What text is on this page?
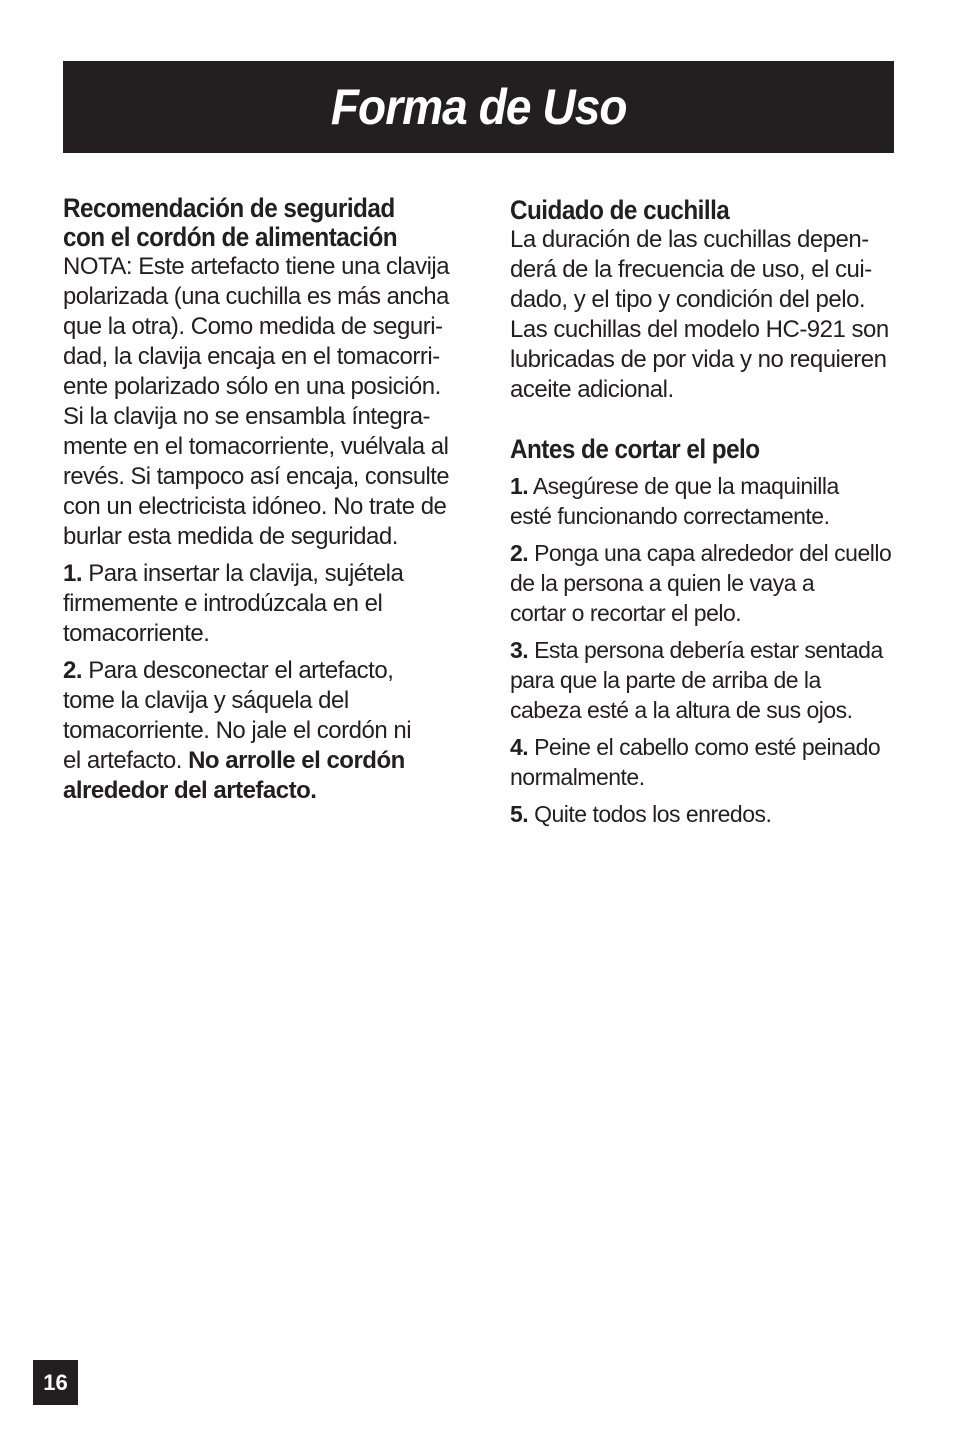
Forma de Uso
Recomendación de seguridad
con el cordón de alimentación

NOTA: Este artefacto tiene una clavija
polarizada (una cuchilla es más ancha
que la otra). Como medida de seguri-
dad, la clavija encaja en el tomacorri-
ente polarizado sólo en una posición.
Si la clavija no se ensambla íntegra-
mente en el tomacorriente, vuélvala al
revés. Si tampoco así encaja, consulte
con un electricista idóneo. No trate de
burlar esta medida de seguridad.

1. Para insertar la clavija, sujétela
firmemente e introdúzcala en el
tomacorriente.
2. Para desconectar el artefacto,
tome la clavija y sáquela del
tomacorriente. No jale el cordón ni
el artefacto. No arrolle el cordón
alrededor del artefacto.
Cuidado de cuchilla

La duración de las cuchillas depen-
derá de la frecuencia de uso, el cui-
dado, y el tipo y condición del pelo.
Las cuchillas del modelo HC-921 son
lubricadas de por vida y no requieren
aceite adicional.

Antes de cortar el pelo
1. Asegúrese de que la maquinilla
esté funcionando correctamente.
2. Ponga una capa alrededor del cuello
de la persona a quien le vaya a
cortar o recortar el pelo.
3. Esta persona debería estar sentada
para que la parte de arriba de la
cabeza esté a la altura de sus ojos.
4. Peine el cabello como esté peinado
normalmente.
5. Quite todos los enredos.
16
